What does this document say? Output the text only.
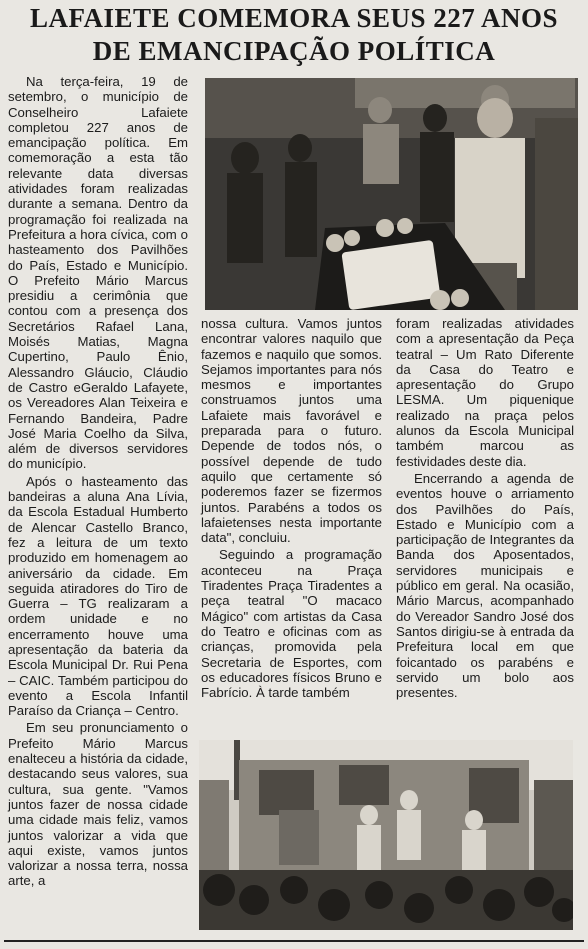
LAFAIETE COMEMORA SEUS 227 ANOS
DE EMANCIPAÇÃO POLÍTICA

Na terça-feira, 19 de setembro, o município de Conselheiro Lafaiete completou 227 anos de emancipação política. Em comemoração a esta tão relevante data diversas atividades foram realizadas durante a semana. Dentro da programação foi realizada na Prefeitura a hora cívica, com o hasteamento dos Pavilhões do País, Estado e Município. O Prefeito Mário Marcus presidiu a cerimônia que contou com a presença dos Secretários Rafael Lana, Moisés Matias, Magna Cupertino, Paulo Ênio, Alessandro Gláucio, Cláudio de Castro eGeraldo Lafayete, os Vereadores Alan Teixeira e Fernando Bandeira, Padre José Maria Coelho da Silva, além de diversos servidores do município.

Após o hasteamento das bandeiras a aluna Ana Lívia, da Escola Estadual Humberto de Alencar Castello Branco, fez a leitura de um texto produzido em homenagem ao aniversário da cidade. Em seguida atiradores do Tiro de Guerra – TG realizaram a ordem unidade e no encerramento houve uma apresentação da bateria da Escola Municipal Dr. Rui Pena – CAIC. Também participou do evento a Escola Infantil Paraíso da Criança – Centro.

Em seu pronunciamento o Prefeito Mário Marcus enalteceu a história da cidade, destacando seus valores, sua cultura, sua gente. "Vamos juntos fazer de nossa cidade uma cidade mais feliz, vamos juntos valorizar a vida que aqui existe, vamos juntos valorizar a nossa terra, nossa arte, a

nossa cultura. Vamos juntos encontrar valores naquilo que fazemos e naquilo que somos. Sejamos importantes para nós mesmos e importantes construamos juntos uma Lafaiete mais favorável e preparada para o futuro. Depende de todos nós, o possível depende de tudo aquilo que certamente só poderemos fazer se fizermos juntos. Parabéns a todos os lafaietenses nesta importante data", concluiu.

Seguindo a programação aconteceu na Praça Tiradentes Praça Tiradentes a peça teatral "O macaco Mágico" com artistas da Casa do Teatro e oficinas com as crianças, promovida pela Secretaria de Esportes, com os educadores físicos Bruno e Fabrício. À tarde também

foram realizadas atividades com a apresentação da Peça teatral – Um Rato Diferente da Casa do Teatro e apresentação do Grupo LESMA. Um piquenique realizado na praça pelos alunos da Escola Municipal também marcou as festividades deste dia.

Encerrando a agenda de eventos houve o arriamento dos Pavilhões do País, Estado e Município com a participação de Integrantes da Banda dos Aposentados, servidores municipais e público em geral. Na ocasião, Mário Marcus, acompanhado do Vereador Sandro José dos Santos dirigiu-se à entrada da Prefeitura local em que foicantado os parabéns e servido um bolo aos presentes.
